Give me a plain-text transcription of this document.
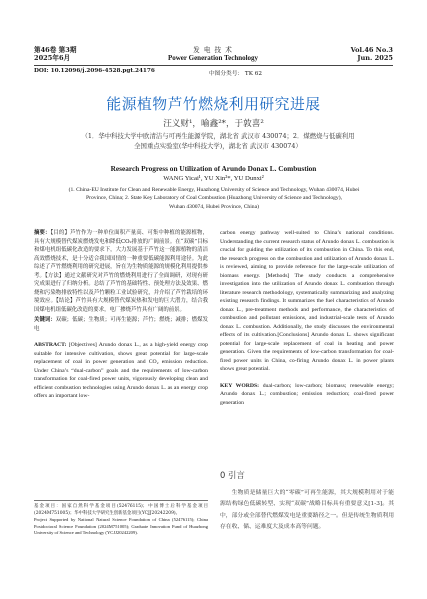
第46卷 第3期
2025年6月
发 电 技 术
Power Generation Technology
Vol.46 No.3
Jun. 2025
DOI: 10.12096/j.2096-4528.pgt.24176	中图分类号： TK 62
能源植物芦竹燃烧利用研究进展
汪义财¹，喻鑫²*，于敦喜²
（1．华中科技大学中欧清洁与可再生能源学院，湖北省 武汉市 430074；2．煤燃烧与低碳利用
全国重点实验室(华中科技大学)，湖北省 武汉市 430074）
Research Progress on Utilization of Arundo Donax L. Combustion
WANG Yicai¹, YU Xin²*, YU Dunxi²
(1. China-EU Institute for Clean and Renewable Energy, Huazhong University of Science and Technology, Wuhan 430074, Hubei
Province, China; 2. State Key Laboratory of Coal Combustion (Huazhong University of Science and Technology),
Wuhan 430074, Hubei Province, China)

摘要：【目的】芦竹作为一种单位面积产量高、可集中种植的能源植物，具有大规模替代煤炭燃烧发电和降低CO₂排放的广阔前景。在“双碳”目标和煤电机组低碳化改造的要求下，大力发展基于芦竹这一能源植物的清洁高效燃烧技术，是十分适合我国国情的一种重要低碳能源利用途径。为此综述了芦竹燃烧利用的研究进展，旨在为生物质能源的规模化利用提供参考。【方法】通过文献研究对芦竹的燃烧利用进行了全面调研，对现有研究成果进行了归纳分析。总结了芦竹的基础特性、预处理方法及效果、燃烧和污染物排放特性以及芦竹颗粒工业试验研究，并介绍了芦竹栽培的环境效应。【结论】芦竹具有大规模替代煤炭热和发电的巨大潜力，结合我国煤电机组低碳化改造的要求，电厂掺烧芦竹具有广阔的前景。

关键词：双碳；低碳；生物质；可再生能源；芦竹；燃烧；减排；燃煤发电

ABSTRACT: [Objectives] Arundo donax L., as a high-yield energy crop suitable for intensive cultivation, shows great potential for large-scale replacement of coal in power generation and CO₂ emission reduction. Under China’s “dual-carbon” goals and the requirements of low-carbon transformation for coal-fired power units, vigorously developing clean and efficient combustion technologies using Arundo donax L. as an energy crop offers an important low-

基金项目：国家自然科学基金项目(52476115)；中国博士后科学基金项目(2024M751005)；华中科技大学研究生创新基金项目(YCJJ20242209)。

Project Supported by National Natural Science Foundation of China (52476115); China Postdoctoral Science Foundation (2024M751005); Graduate Innovation Fund of Huazhong University of Science and Technology (YCJJ20242209).

carbon energy pathway well-suited to China’s national conditions. Understanding the current research status of Arundo donax L. combustion is crucial for guiding the utilization of its combustion in China. To this end, the research progress on the combustion and utilization of Arundo donax L. is reviewed, aiming to provide reference for the large-scale utilization of biomass energy. [Methods] The study conducts a comprehensive investigation into the utilization of Arundo donax L. combustion through literature research methodology, systematically summarizing and analyzing existing research findings. It summarizes the fuel characteristics of Arundo donax L., pre-treatment methods and performance, the characteristics of combustion and pollutant emissions, and industrial-scale tests of Arundo donax L. combustion. Additionally, the study discusses the environmental effects of its cultivation.[Conclusions] Arundo donax L. shows significant potential for large-scale replacement of coal in heating and power generation. Given the requirements of low-carbon transformation for coal-fired power units in China, co-firing Arundo donax L. in power plants shows great potential.

KEY WORDS: dual-carbon; low-carbon; biomass; renewable energy; Arundo donax L.; combustion; emission reduction; coal-fired power generation

0 引言

生物质是储量巨大的“零碳”可再生能源，其大规模利用对于能源结构绿色低碳转型、实现“双碳”战略目标具有重要意义[1-3]。其中，部分或全部替代燃煤发电是重要路径之一。但是传统生物质利用存在收、储、运难度大及成本高等问题。
